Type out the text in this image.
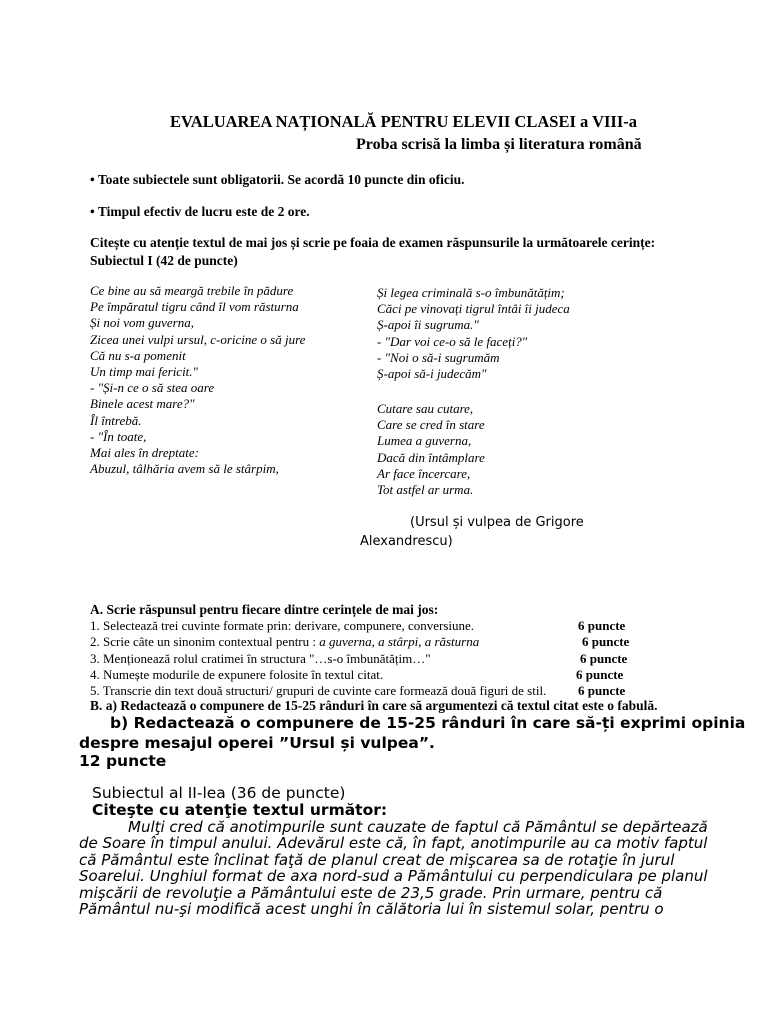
EVALUAREA NAȚIONALĂ PENTRU ELEVII CLASEI a VIII-a
Proba scrisă la limba și literatura română
• Toate subiectele sunt obligatorii. Se acordă 10 puncte din oficiu.
• Timpul efectiv de lucru este de 2 ore.
Citește cu atenție textul de mai jos și scrie pe foaia de examen răspunsurile la următoarele cerințe:
Subiectul I (42 de puncte)
Ce bine au să meargă trebile în pădure
Pe împăratul tigru când îl vom răsturna
Și noi vom guverna,
Zicea unei vulpi ursul, c-oricine o să jure
Că nu s-a pomenit
Un timp mai fericit."
- "Și-n ce o să stea oare
Binele acest mare?"
Îl întrebă.
- "În toate,
Mai ales în dreptate:
Abuzul, tâlhăria avem să le stârpim,
Și legea criminală s-o îmbunătățim;
Căci pe vinovați tigrul întâi îi judeca
Ș-apoi îi sugruma."
- "Dar voi ce-o să le faceți?"
- "Noi o să-i sugrumăm
Ș-apoi să-i judecăm"
Cutare sau cutare,
Care se cred în stare
Lumea a guverna,
Dacă din întâmplare
Ar face încercare,
Tot astfel ar urma.
(Ursul și vulpea de Grigore
Alexandrescu)
A. Scrie răspunsul pentru fiecare dintre cerințele de mai jos:
1. Selectează trei cuvinte formate prin: derivare, compunere, conversiune.	6 puncte
2. Scrie câte un sinonim contextual pentru : a guverna, a stârpi, a răsturna	6 puncte
3. Menționează rolul cratimei în structura "…s-o îmbunătățim…"	6 puncte
4. Numește modurile de expunere folosite în textul citat.	6 puncte
5. Transcrie din text două structuri/ grupuri de cuvinte care formează două figuri de stil. 6 puncte
B. a) Redactează o compunere de 15-25 rânduri în care să argumentezi că textul citat este o fabulă.
b) Redactează o compunere de 15-25 rânduri în care să-ți exprimi opinia
despre mesajul operei ”Ursul și vulpea”.
12 puncte
Subiectul al II-lea (36 de puncte)
Citeşte cu atenţie textul următor:
Mulţi cred că anotimpurile sunt cauzate de faptul că Pământul se depărtează
de Soare în timpul anului. Adevărul este că, în fapt, anotimpurile au ca motiv faptul
că Pământul este înclinat faţă de planul creat de mişcarea sa de rotaţie în jurul
Soarelui. Unghiul format de axa nord-sud a Pământului cu perpendiculara pe planul
mişcării de revoluţie a Pământului este de 23,5 grade. Prin urmare, pentru că
Pământul nu-şi modifică acest unghi în călătoria lui în sistemul solar, pentru o
